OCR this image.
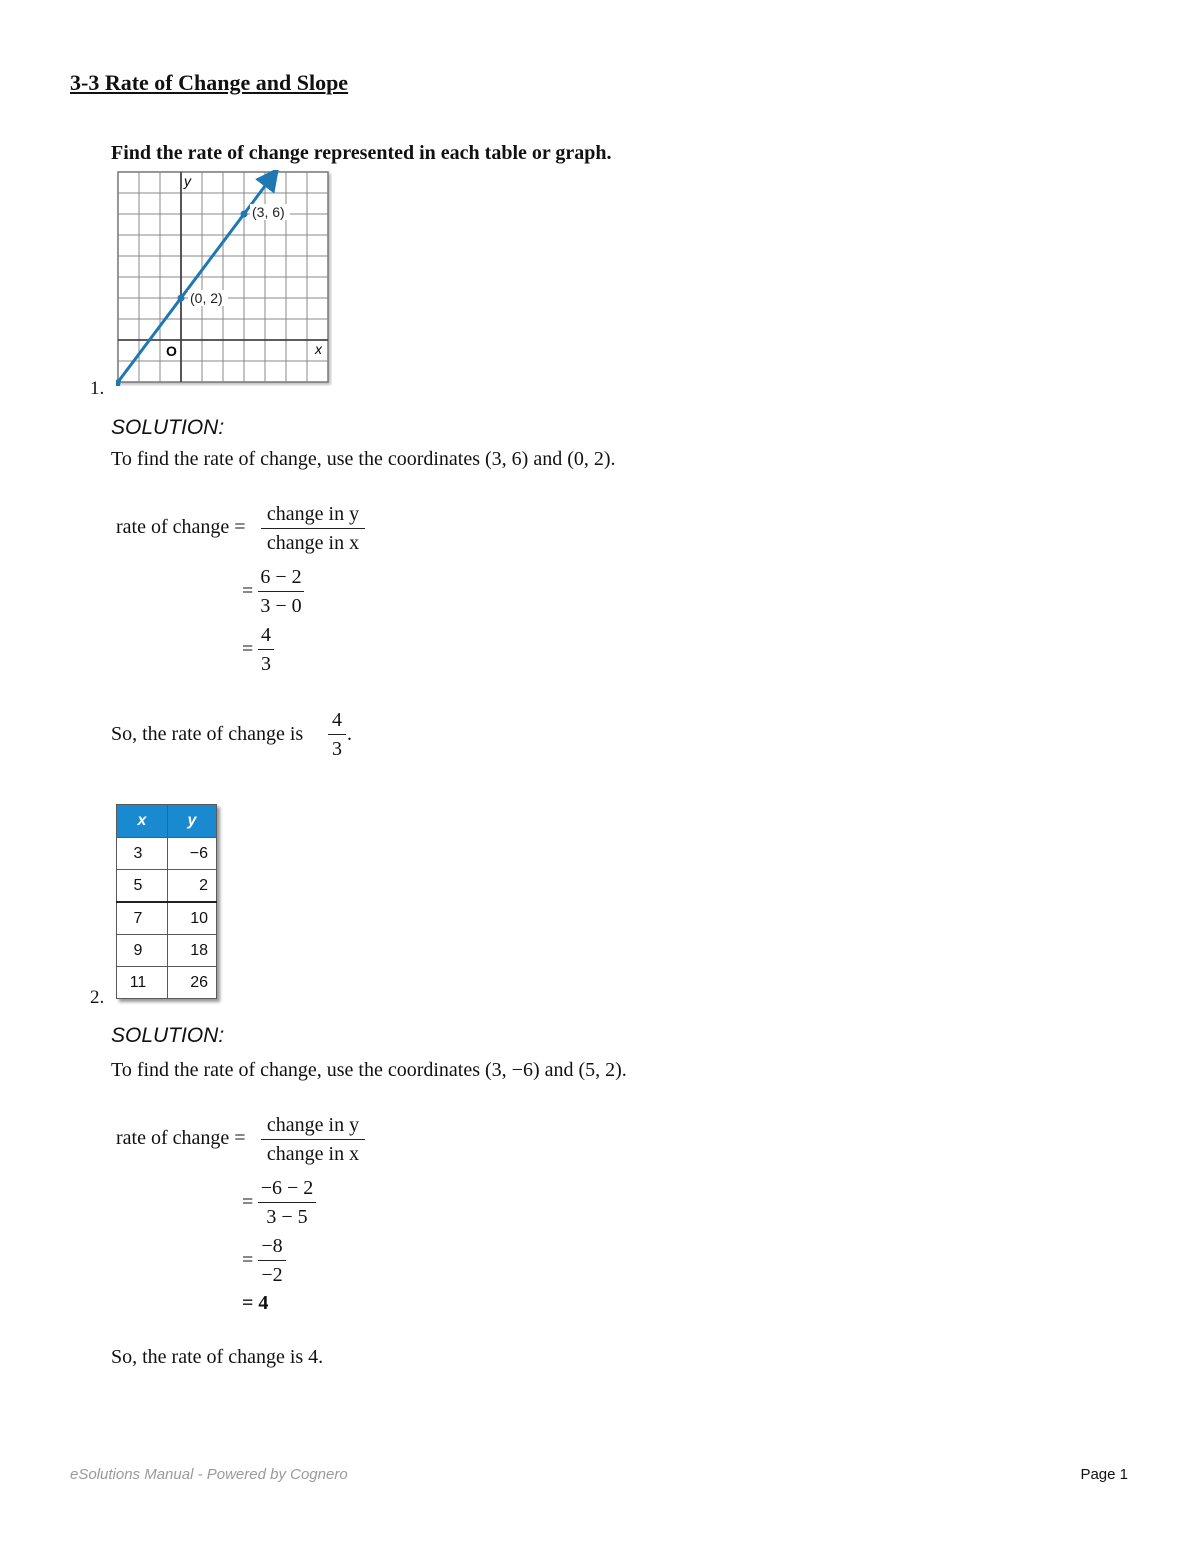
3-3 Rate of Change and Slope
Find the rate of change represented in each table or graph.
y
x
O
(3, 6)
(0, 2)
1.
SOLUTION:
To find the rate of change, use the coordinates (3, 6) and (0, 2).
rate of change =
change in y
change in x
=
6 − 2
3 − 0
=
4
3
So, the rate of change is
4
3
.
x	y
3	−6
5	2
7	10
9	18
11	26
2.
SOLUTION:
To find the rate of change, use the coordinates (3, −6) and (5, 2).
rate of change =
change in y
change in x
=
−6 − 2
3 − 5
=
−8
−2
= 4
So, the rate of change is 4.
eSolutions Manual - Powered by Cognero	Page 1
